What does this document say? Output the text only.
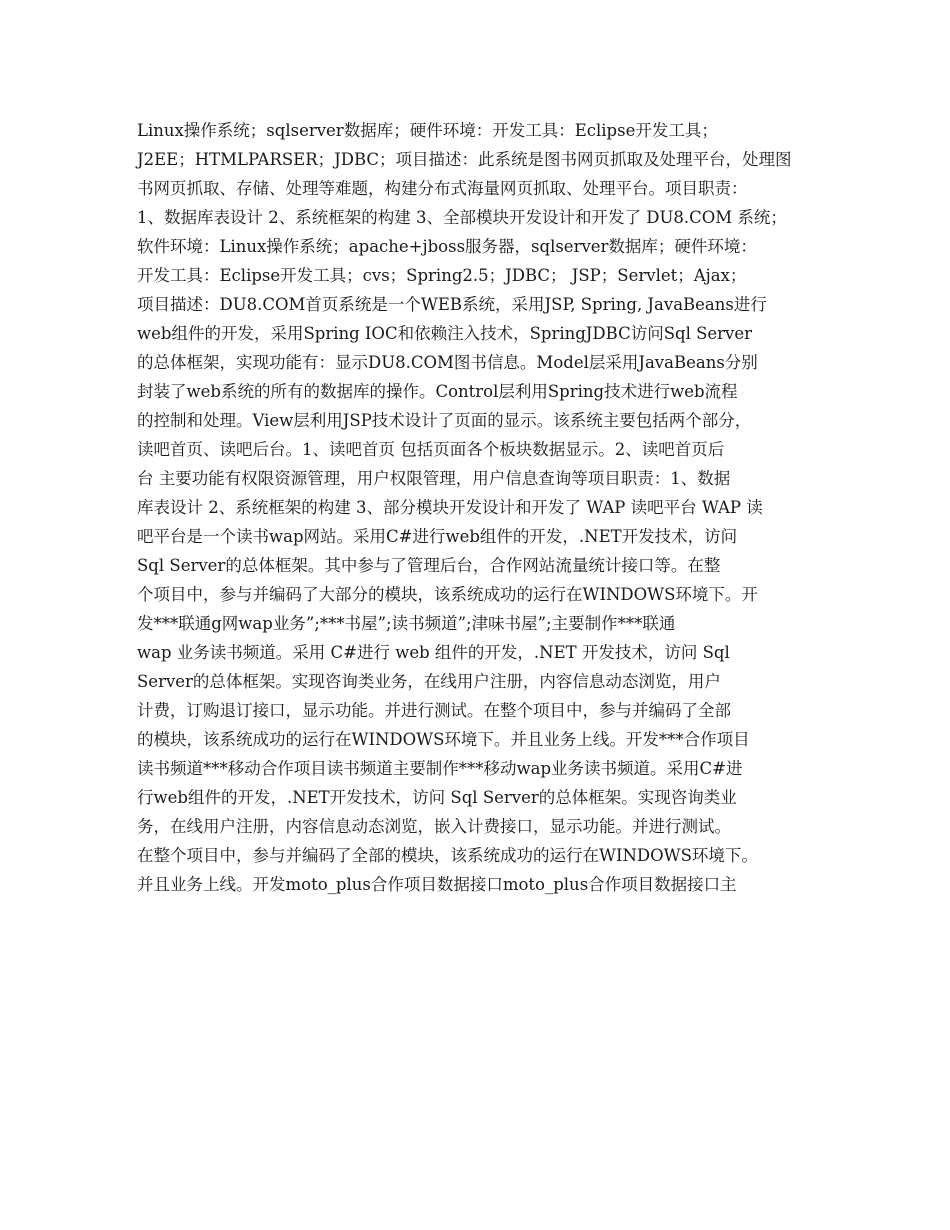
Linux操作系统；sqlserver数据库；硬件环境：开发工具：Eclipse开发工具；
J2EE；HTMLPARSER；JDBC；项目描述：此系统是图书网页抓取及处理平台，处理图
书网页抓取、存储、处理等难题，构建分布式海量网页抓取、处理平台。项目职责：
1、数据库表设计 2、系统框架的构建 3、全部模块开发设计和开发了 DU8.COM 系统；
软件环境：Linux操作系统；apache+jboss服务器，sqlserver数据库；硬件环境：
开发工具：Eclipse开发工具；cvs；Spring2.5；JDBC； JSP；Servlet；Ajax；
项目描述：DU8.COM首页系统是一个WEB系统，采用JSP, Spring, JavaBeans进行
web组件的开发，采用Spring IOC和依赖注入技术，SpringJDBC访问Sql Server
的总体框架，实现功能有：显示DU8.COM图书信息。Model层采用JavaBeans分别
封装了web系统的所有的数据库的操作。Control层利用Spring技术进行web流程
的控制和处理。View层利用JSP技术设计了页面的显示。该系统主要包括两个部分，
读吧首页、读吧后台。1、读吧首页 包括页面各个板块数据显示。2、读吧首页后
台 主要功能有权限资源管理，用户权限管理，用户信息查询等项目职责：1、数据
库表设计 2、系统框架的构建 3、部分模块开发设计和开发了 WAP 读吧平台 WAP 读
吧平台是一个读书wap网站。采用C#进行web组件的开发，.NET开发技术，访问
Sql Server的总体框架。其中参与了管理后台，合作网站流量统计接口等。在整
个项目中，参与并编码了大部分的模块，该系统成功的运行在WINDOWS环境下。开
发***联通g网wap业务”;***书屋”;读书频道”;津味书屋”;主要制作***联通
wap 业务读书频道。采用 C#进行 web 组件的开发，.NET 开发技术，访问 Sql
Server的总体框架。实现咨询类业务，在线用户注册，内容信息动态浏览，用户
计费，订购退订接口，显示功能。并进行测试。在整个项目中，参与并编码了全部
的模块，该系统成功的运行在WINDOWS环境下。并且业务上线。开发***合作项目
读书频道***移动合作项目读书频道主要制作***移动wap业务读书频道。采用C#进
行web组件的开发，.NET开发技术，访问 Sql Server的总体框架。实现咨询类业
务，在线用户注册，内容信息动态浏览，嵌入计费接口，显示功能。并进行测试。
在整个项目中，参与并编码了全部的模块，该系统成功的运行在WINDOWS环境下。
并且业务上线。开发moto_plus合作项目数据接口moto_plus合作项目数据接口主
